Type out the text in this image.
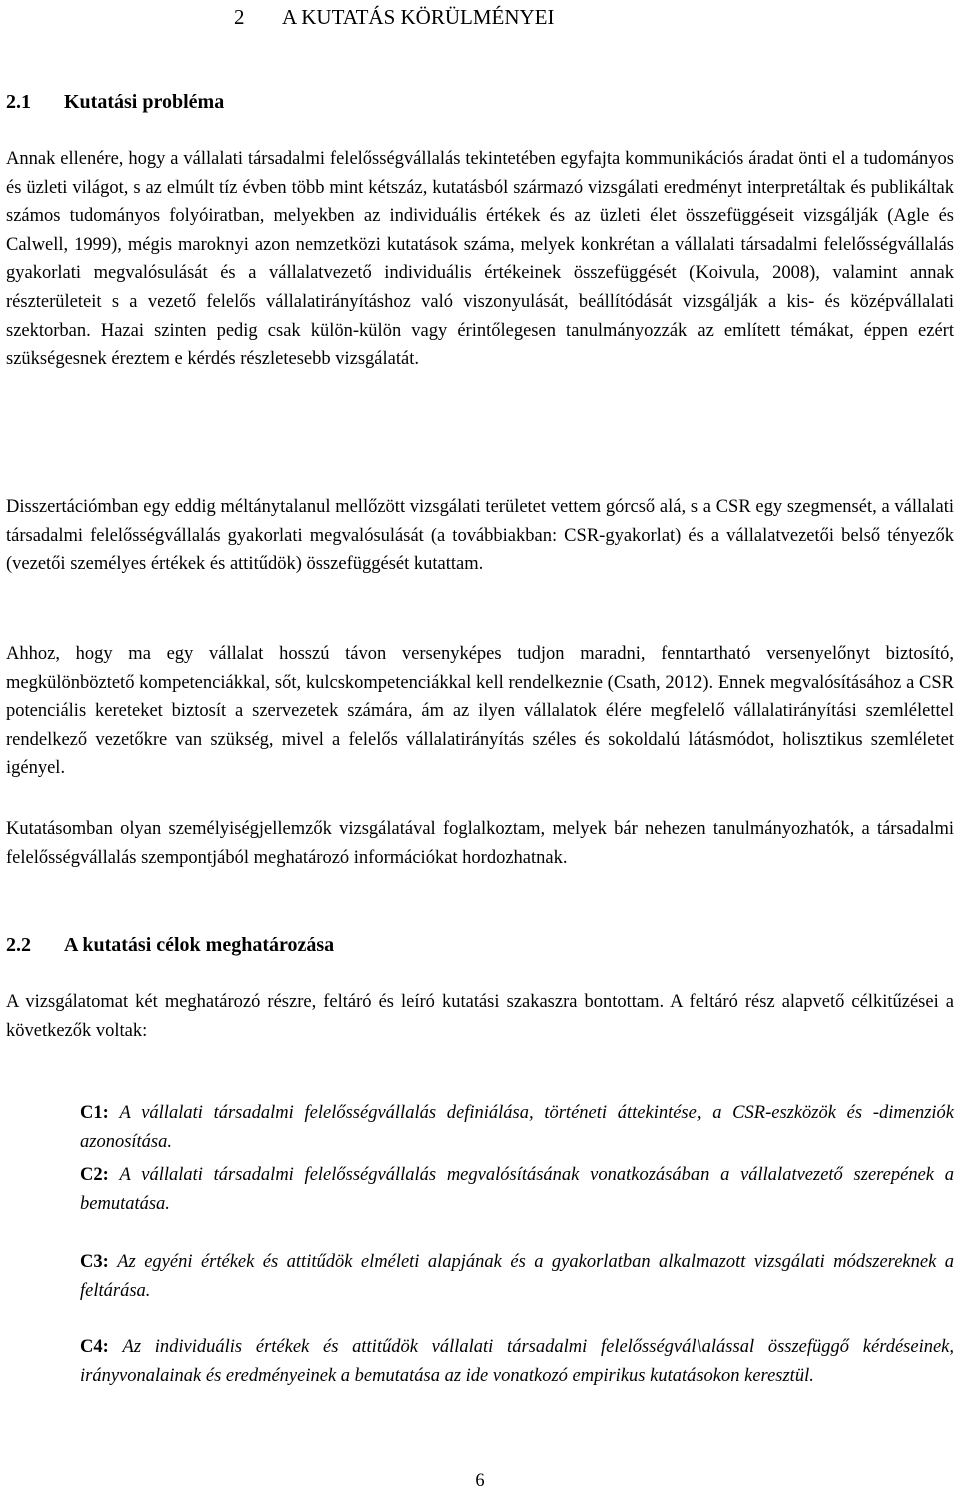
2 A KUTATÁS KÖRÜLMÉNYEI
2.1 Kutatási probléma
Annak ellenére, hogy a vállalati társadalmi felelősségvállalás tekintetében egyfajta kommunikációs áradat önti el a tudományos és üzleti világot, s az elmúlt tíz évben több mint kétszáz, kutatásból származó vizsgálati eredményt interpretáltak és publikáltak számos tudományos folyóiratban, melyekben az individuális értékek és az üzleti élet összefüggéseit vizsgálják (Agle és Calwell, 1999), mégis maroknyi azon nemzetközi kutatások száma, melyek konkrétan a vállalati társadalmi felelősségvállalás gyakorlati megvalósulását és a vállalatvezető individuális értékeinek összefüggését (Koivula, 2008), valamint annak részterületeit s a vezető felelős vállalatirányításhoz való viszonyulását, beállítódását vizsgálják a kis- és középvállalati szektorban. Hazai szinten pedig csak külön-külön vagy érintőlegesen tanulmányozzák az említett témákat, éppen ezért szükségesnek éreztem e kérdés részletesebb vizsgálatát.
Disszertációmban egy eddig méltánytalanul mellőzött vizsgálati területet vettem górcső alá, s a CSR egy szegmensét, a vállalati társadalmi felelősségvállalás gyakorlati megvalósulását (a továbbiakban: CSR-gyakorlat) és a vállalatvezetői belső tényezők (vezetői személyes értékek és attitűdök) összefüggését kutattam.
Ahhoz, hogy ma egy vállalat hosszú távon versenyképes tudjon maradni, fenntartható versenyelőnyt biztosító, megkülönböztető kompetenciákkal, sőt, kulcskompetenciákkal kell rendelkeznie (Csath, 2012). Ennek megvalósításához a CSR potenciális kereteket biztosít a szervezetek számára, ám az ilyen vállalatok élére megfelelő vállalatirányítási szemlélettel rendelkező vezetőkre van szükség, mivel a felelős vállalatirányítás széles és sokoldalú látásmódot, holisztikus szemléletet igényel.
Kutatásomban olyan személyiségjellemzők vizsgálatával foglalkoztam, melyek bár nehezen tanulmányozhatók, a társadalmi felelősségvállalás szempontjából meghatározó információkat hordozhatnak.
2.2 A kutatási célok meghatározása
A vizsgálatomat két meghatározó részre, feltáró és leíró kutatási szakaszra bontottam. A feltáró rész alapvető célkitűzései a következők voltak:
C1: A vállalati társadalmi felelősségvállalás definiálása, történeti áttekintése, a CSR-eszközök és -dimenziók azonosítása.
C2: A vállalati társadalmi felelősségvállalás megvalósításának vonatkozásában a vállalatvezető szerepének a bemutatása.
C3: Az egyéni értékek és attitűdök elméleti alapjának és a gyakorlatban alkalmazott vizsgálati módszereknek a feltárása.
C4: Az individuális értékek és attitűdök vállalati társadalmi felelősségvál\alással összefüggő kérdéseinek, irányvonalainak és eredményeinek a bemutatása az ide vonatkozó empirikus kutatásokon keresztül.
6
